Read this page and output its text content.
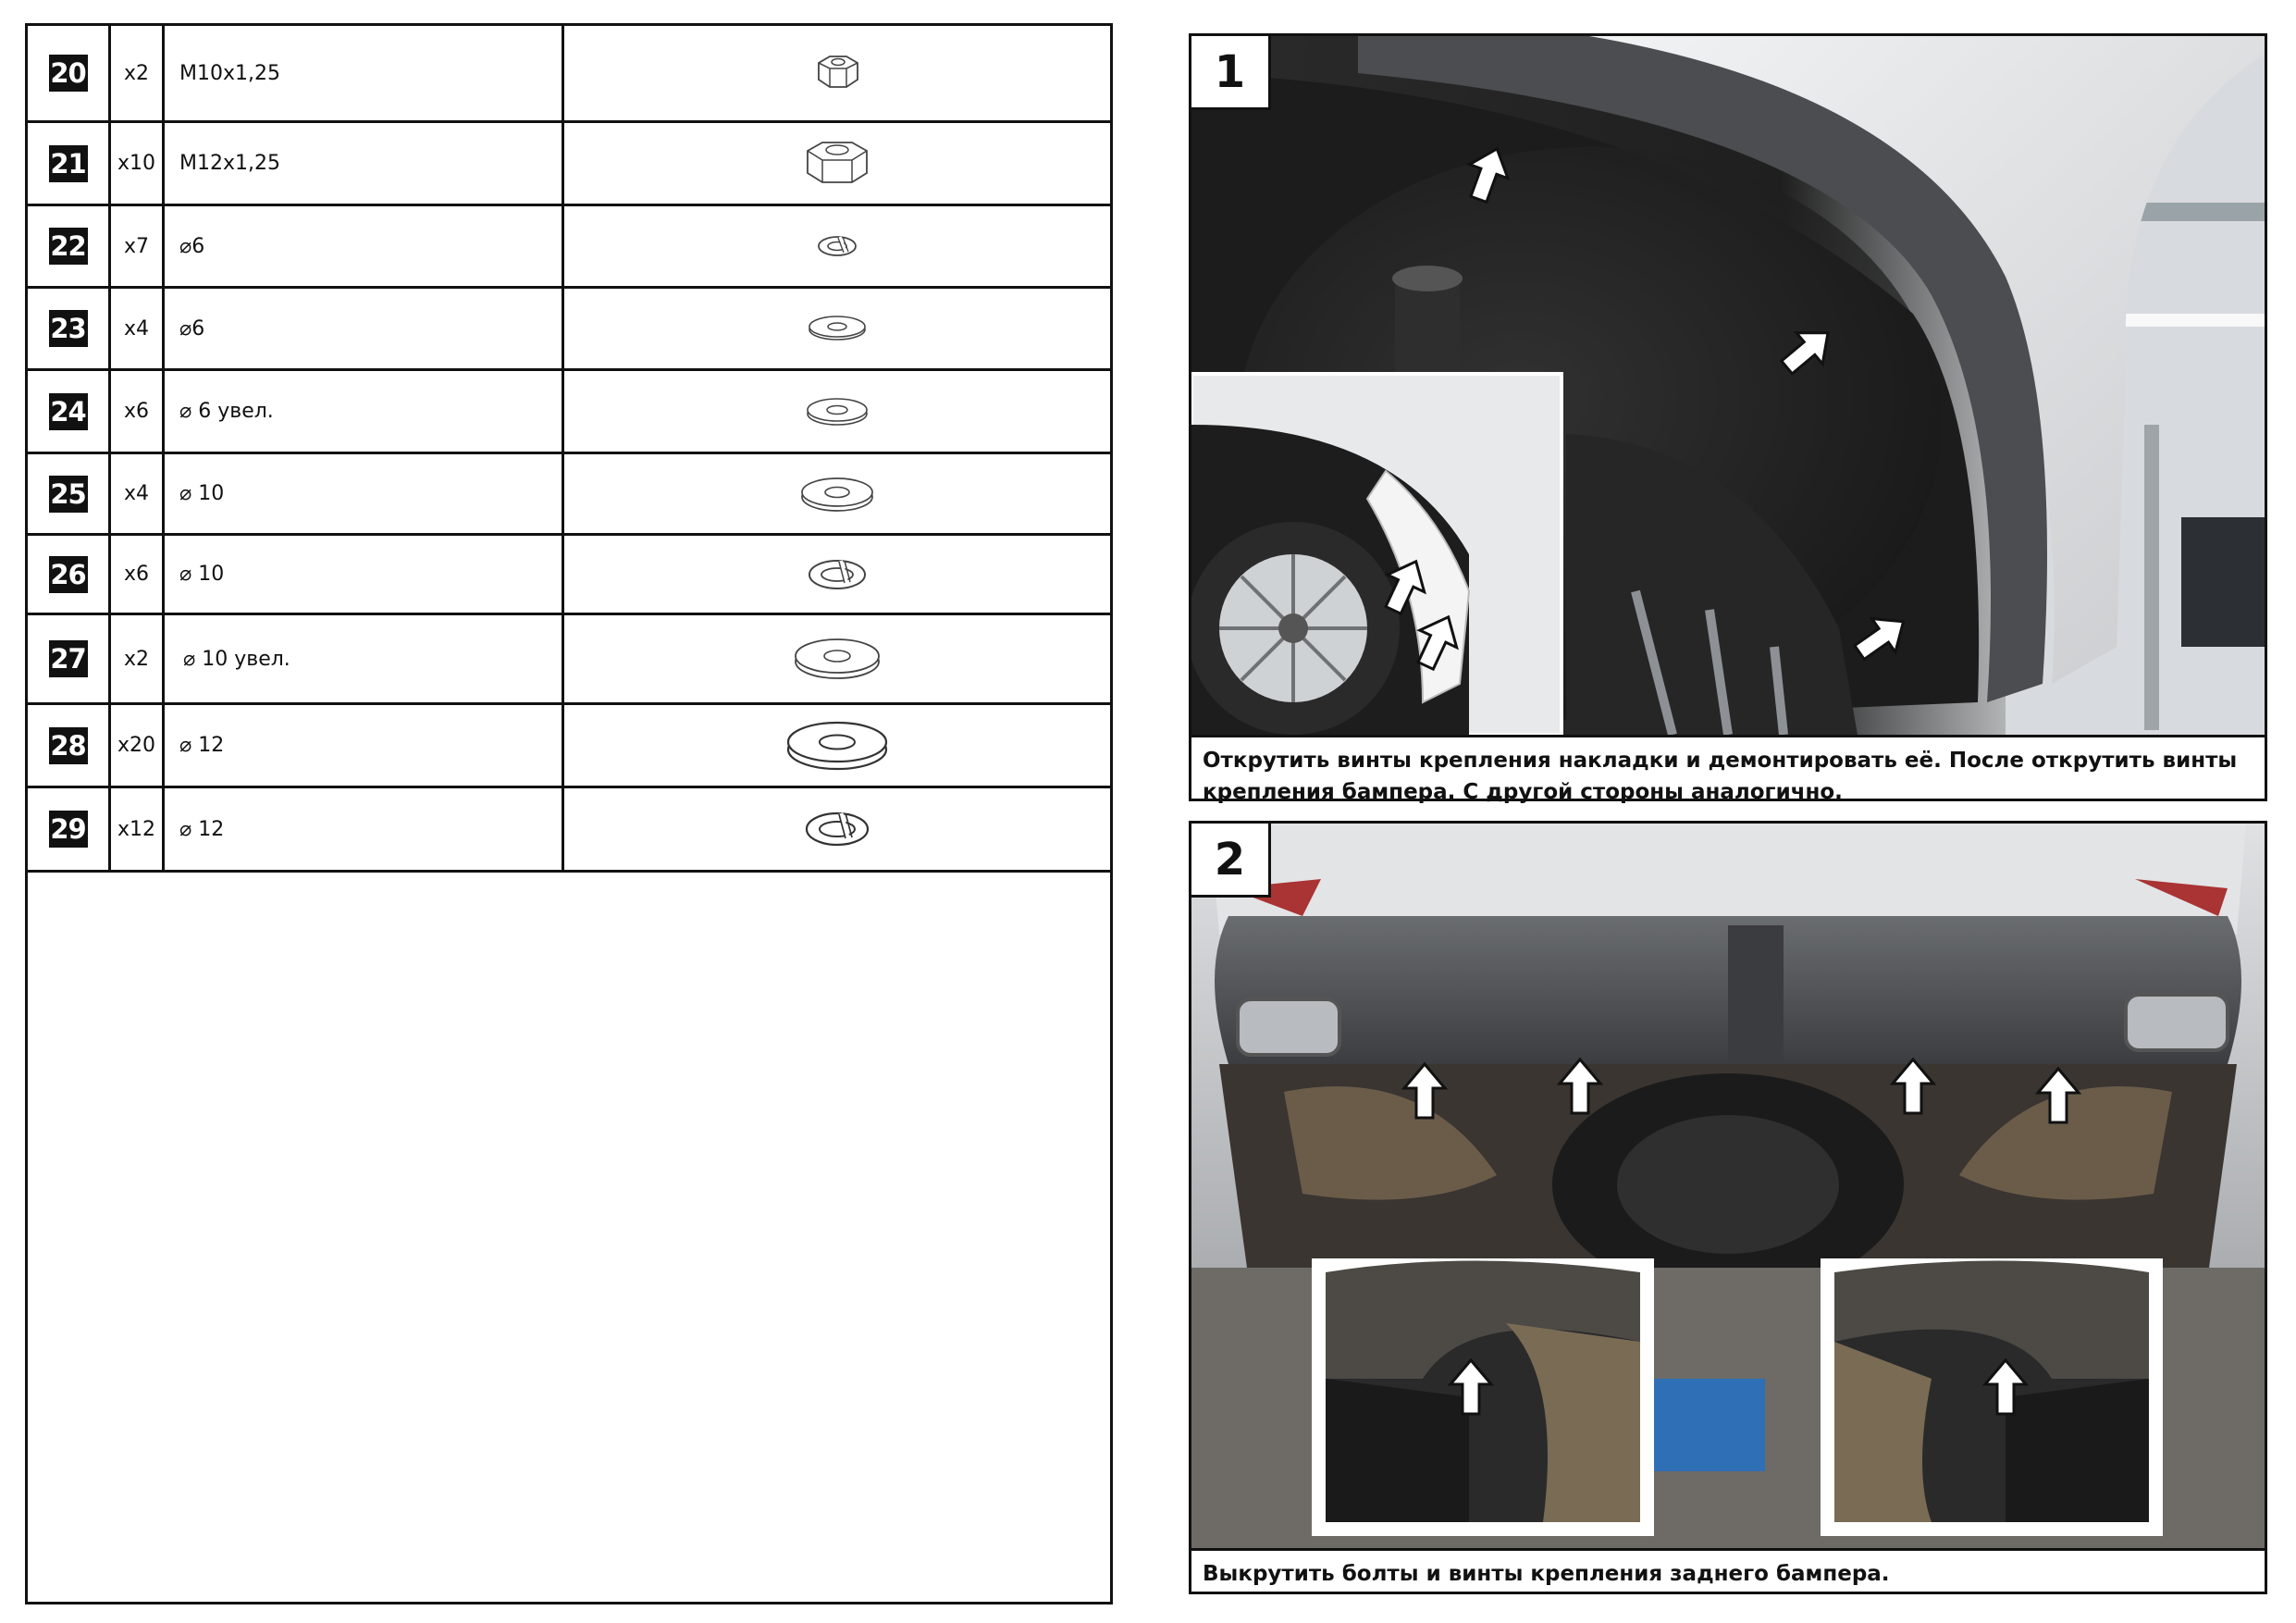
20	x2	M10x1,25
21	x10	M12x1,25
22	x7	⌀6
23	x4	⌀6
24	x6	⌀ 6 увел.
25	x4	⌀ 10
26	x6	⌀ 10
27	x2	⌀ 10 увел.
28	x20	⌀ 12
29	x12	⌀ 12
1
Открутить винты крепления накладки и демонтировать её. После открутить винты крепления бампера. С другой стороны аналогично.
2
Выкрутить болты и винты крепления заднего бампера.
